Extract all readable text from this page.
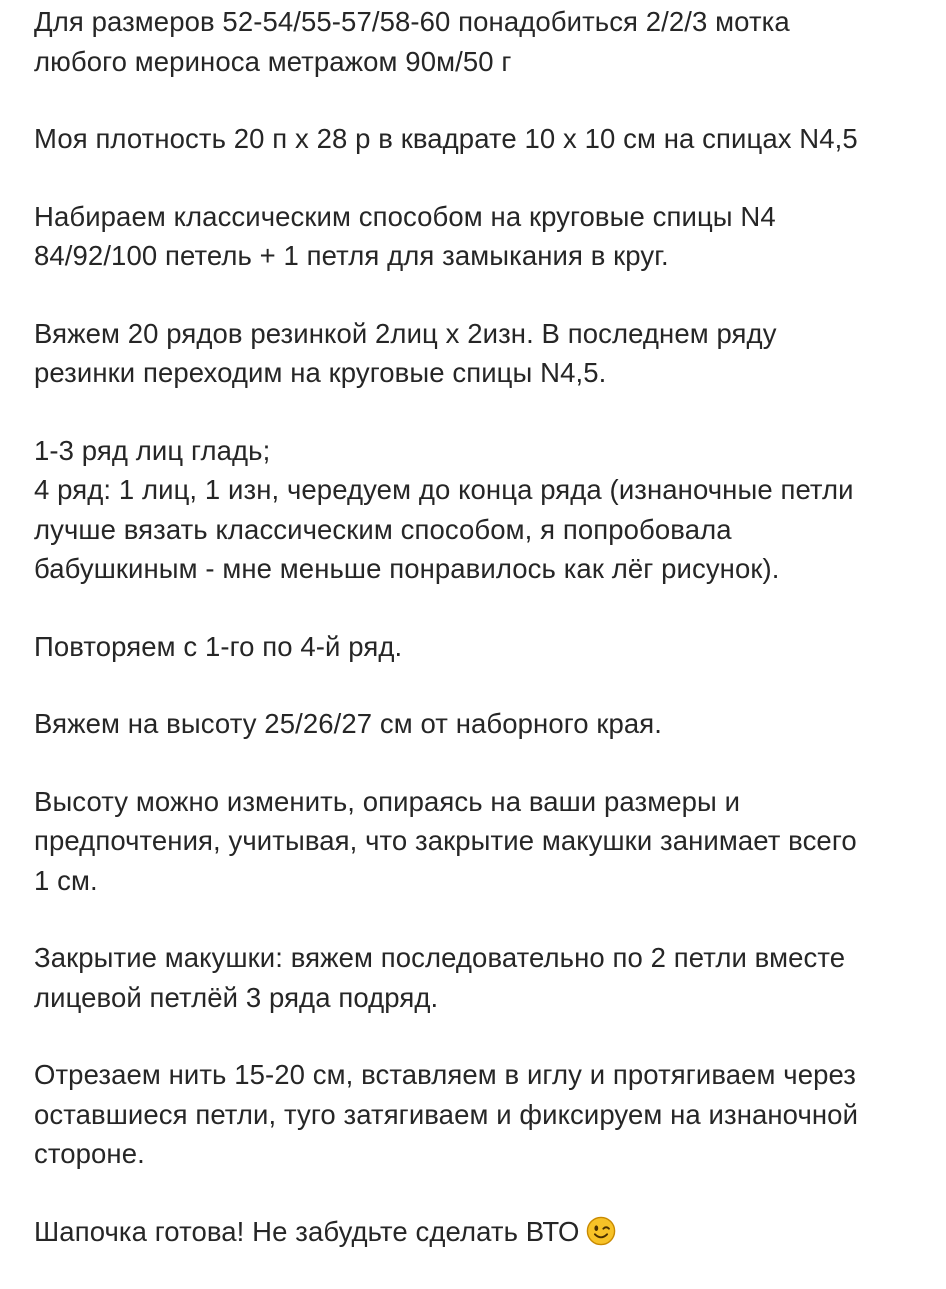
Для размеров 52-54/55-57/58-60 понадобиться 2/2/3 мотка
любого мериноса метражом 90м/50 г

Моя плотность 20 п х 28 р в квадрате 10 х 10 см на спицах N4,5

Набираем классическим способом на круговые спицы N4
84/92/100 петель + 1 петля для замыкания в круг.

Вяжем 20 рядов резинкой 2лиц х 2изн. В последнем ряду
резинки переходим на круговые спицы N4,5.

1-3 ряд лиц гладь;
4 ряд: 1 лиц, 1 изн, чередуем до конца ряда (изнаночные петли
лучше вязать классическим способом, я попробовала
бабушкиным - мне меньше понравилось как лёг рисунок).

Повторяем с 1-го по 4-й ряд.

Вяжем на высоту 25/26/27 см от наборного края.

Высоту можно изменить, опираясь на ваши размеры и
предпочтения, учитывая, что закрытие макушки занимает всего
1 см.

Закрытие макушки: вяжем последовательно по 2 петли вместе
лицевой петлёй 3 ряда подряд.

Отрезаем нить 15-20 см, вставляем в иглу и протягиваем через
оставшиеся петли, туго затягиваем и фиксируем на изнаночной
стороне.

Шапочка готова! Не забудьте сделать ВТО
